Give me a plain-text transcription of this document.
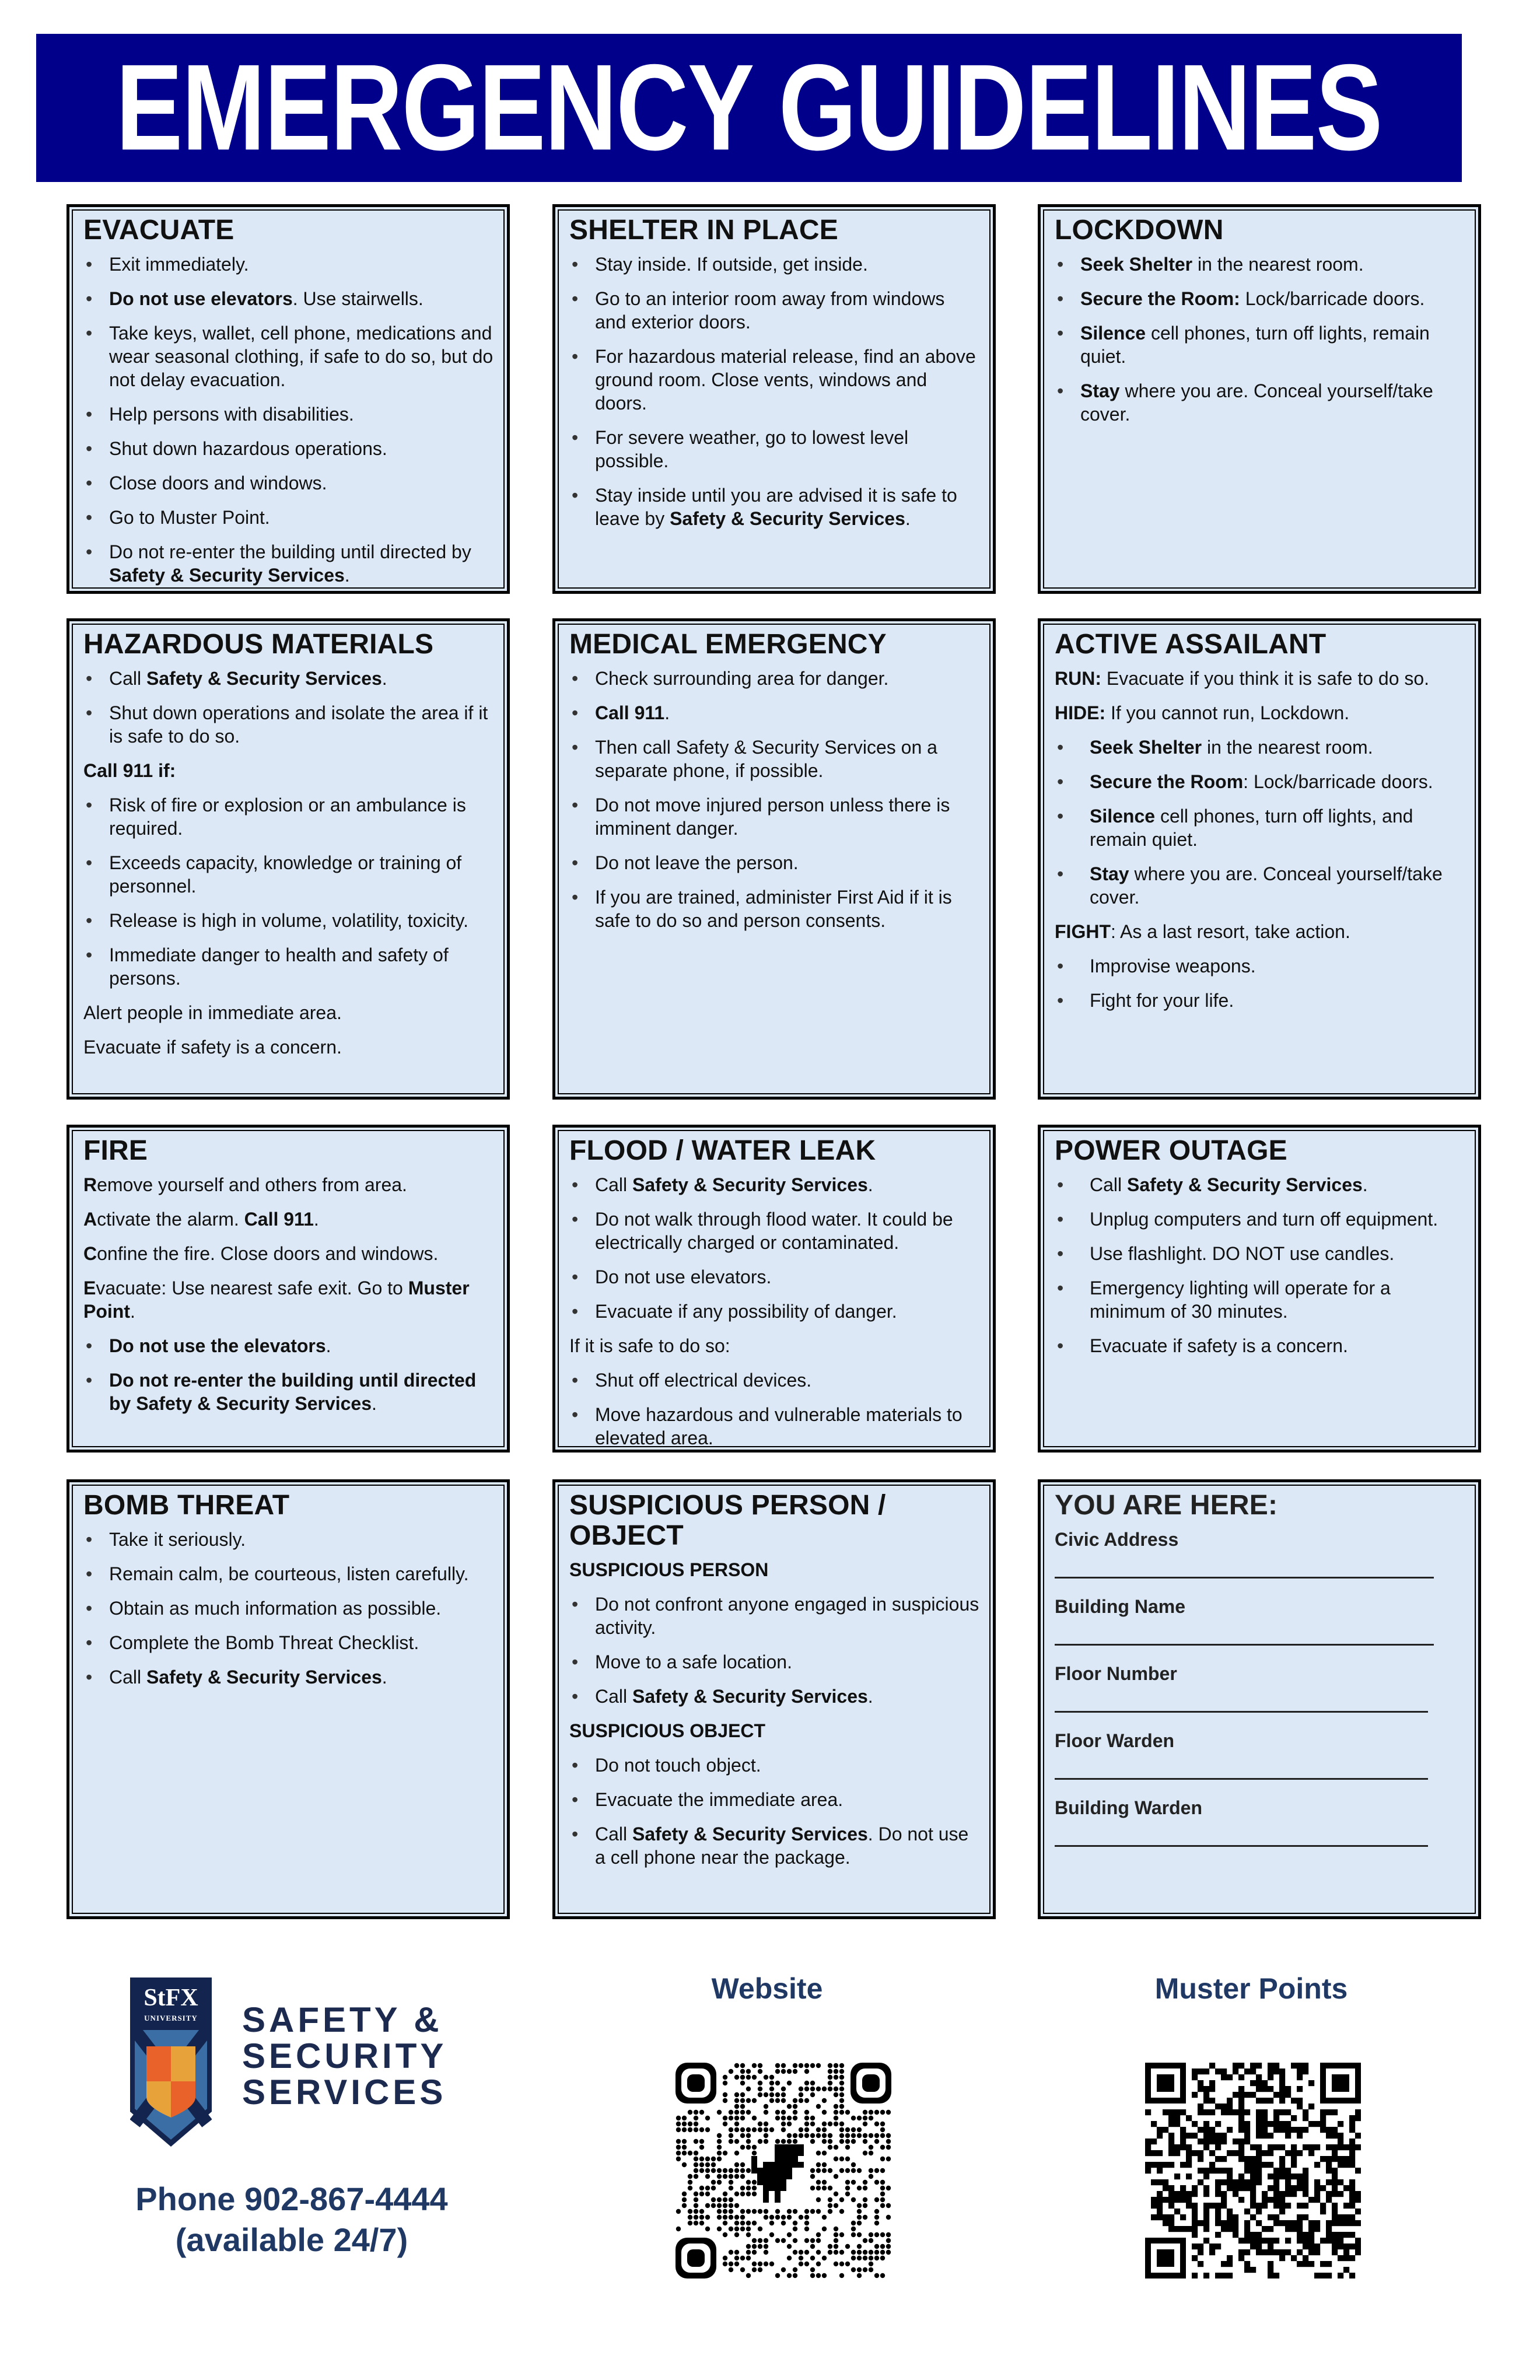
EMERGENCY GUIDELINES
EVACUATE
• Exit immediately.
• Do not use elevators. Use stairwells.
• Take keys, wallet, cell phone, medications and wear seasonal clothing, if safe to do so, but do not delay evacuation.
• Help persons with disabilities.
• Shut down hazardous operations.
• Close doors and windows.
• Go to Muster Point.
• Do not re-enter the building until directed by Safety & Security Services.
SHELTER IN PLACE
• Stay inside. If outside, get inside.
• Go to an interior room away from windows and exterior doors.
• For hazardous material release, find an above ground room. Close vents, windows and doors.
• For severe weather, go to lowest level possible.
• Stay inside until you are advised it is safe to leave by Safety & Security Services.
LOCKDOWN
• Seek Shelter in the nearest room.
• Secure the Room: Lock/barricade doors.
• Silence cell phones, turn off lights, remain quiet.
• Stay where you are. Conceal yourself/take cover.
HAZARDOUS MATERIALS
• Call Safety & Security Services.
• Shut down operations and isolate the area if it is safe to do so.
Call 911 if:
• Risk of fire or explosion or an ambulance is required.
• Exceeds capacity, knowledge or training of personnel.
• Release is high in volume, volatility, toxicity.
• Immediate danger to health and safety of persons.
Alert people in immediate area.
Evacuate if safety is a concern.
MEDICAL EMERGENCY
• Check surrounding area for danger.
• Call 911.
• Then call Safety & Security Services on a separate phone, if possible.
• Do not move injured person unless there is imminent danger.
• Do not leave the person.
• If you are trained, administer First Aid if it is safe to do so and person consents.
ACTIVE ASSAILANT
RUN: Evacuate if you think it is safe to do so.
HIDE: If you cannot run, Lockdown.
• Seek Shelter in the nearest room.
• Secure the Room: Lock/barricade doors.
• Silence cell phones, turn off lights, and remain quiet.
• Stay where you are. Conceal yourself/take cover.
FIGHT: As a last resort, take action.
• Improvise weapons.
• Fight for your life.
FIRE
Remove yourself and others from area.
Activate the alarm. Call 911.
Confine the fire. Close doors and windows.
Evacuate: Use nearest safe exit. Go to Muster Point.
• Do not use the elevators.
• Do not re-enter the building until directed by Safety & Security Services.
FLOOD / WATER LEAK
• Call Safety & Security Services.
• Do not walk through flood water. It could be electrically charged or contaminated.
• Do not use elevators.
• Evacuate if any possibility of danger.
If it is safe to do so:
• Shut off electrical devices.
• Move hazardous and vulnerable materials to elevated area.
POWER OUTAGE
• Call Safety & Security Services.
• Unplug computers and turn off equipment.
• Use flashlight. DO NOT use candles.
• Emergency lighting will operate for a minimum of 30 minutes.
• Evacuate if safety is a concern.
BOMB THREAT
• Take it seriously.
• Remain calm, be courteous, listen carefully.
• Obtain as much information as possible.
• Complete the Bomb Threat Checklist.
• Call Safety & Security Services.
SUSPICIOUS PERSON / OBJECT
SUSPICIOUS PERSON
• Do not confront anyone engaged in suspicious activity.
• Move to a safe location.
• Call Safety & Security Services.
SUSPICIOUS OBJECT
• Do not touch object.
• Evacuate the immediate area.
• Call Safety & Security Services. Do not use a cell phone near the package.
YOU ARE HERE:
Civic Address
Building Name
Floor Number
Floor Warden
Building Warden
StFX
UNIVERSITY SAFETY &
SECURITY
SERVICES
Phone 902-867-4444
(available 24/7)
Website	Muster Points
